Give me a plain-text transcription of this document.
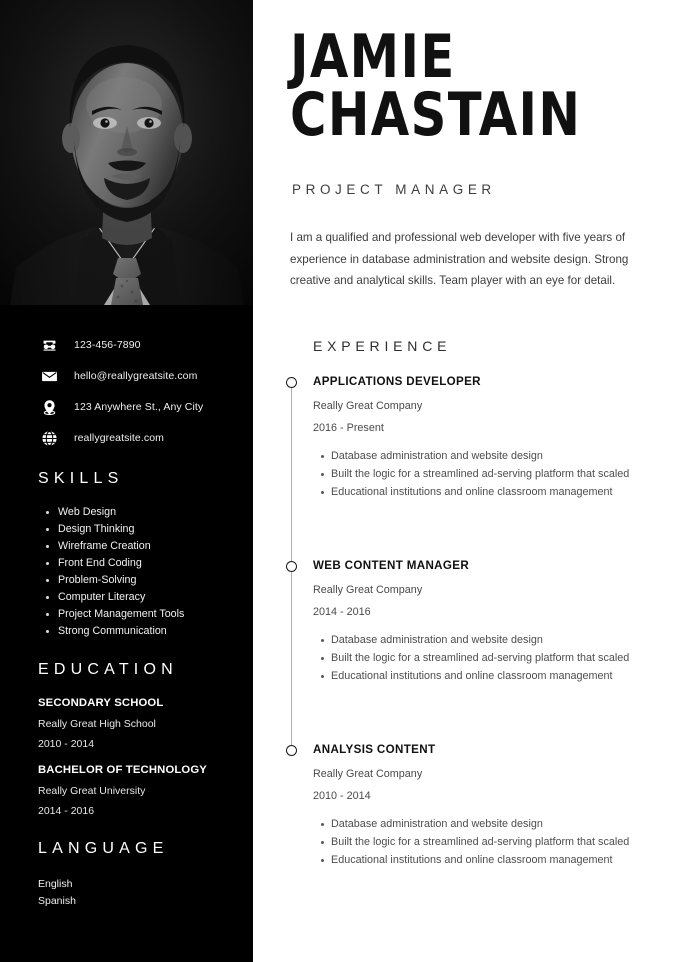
123-456-7890
hello@reallygreatsite.com
123 Anywhere St., Any City
reallygreatsite.com
SKILLS
Web Design
Design Thinking
Wireframe Creation
Front End Coding
Problem-Solving
Computer Literacy
Project Management Tools
Strong Communication
EDUCATION
SECONDARY SCHOOL
Really Great High School
2010 - 2014
BACHELOR OF TECHNOLOGY
Really Great University
2014 - 2016
LANGUAGE
English
Spanish
JAMIE
CHASTAIN
PROJECT MANAGER
I am a qualified and professional web developer with five years of experience in database administration and website design. Strong creative and analytical skills. Team player with an eye for detail.
EXPERIENCE
APPLICATIONS DEVELOPER
Really Great Company
2016 - Present
Database administration and website design
Built the logic for a streamlined ad-serving platform that scaled
Educational institutions and online classroom management
WEB CONTENT MANAGER
Really Great Company
2014 - 2016
Database administration and website design
Built the logic for a streamlined ad-serving platform that scaled
Educational institutions and online classroom management
ANALYSIS CONTENT
Really Great Company
2010 - 2014
Database administration and website design
Built the logic for a streamlined ad-serving platform that scaled
Educational institutions and online classroom management
